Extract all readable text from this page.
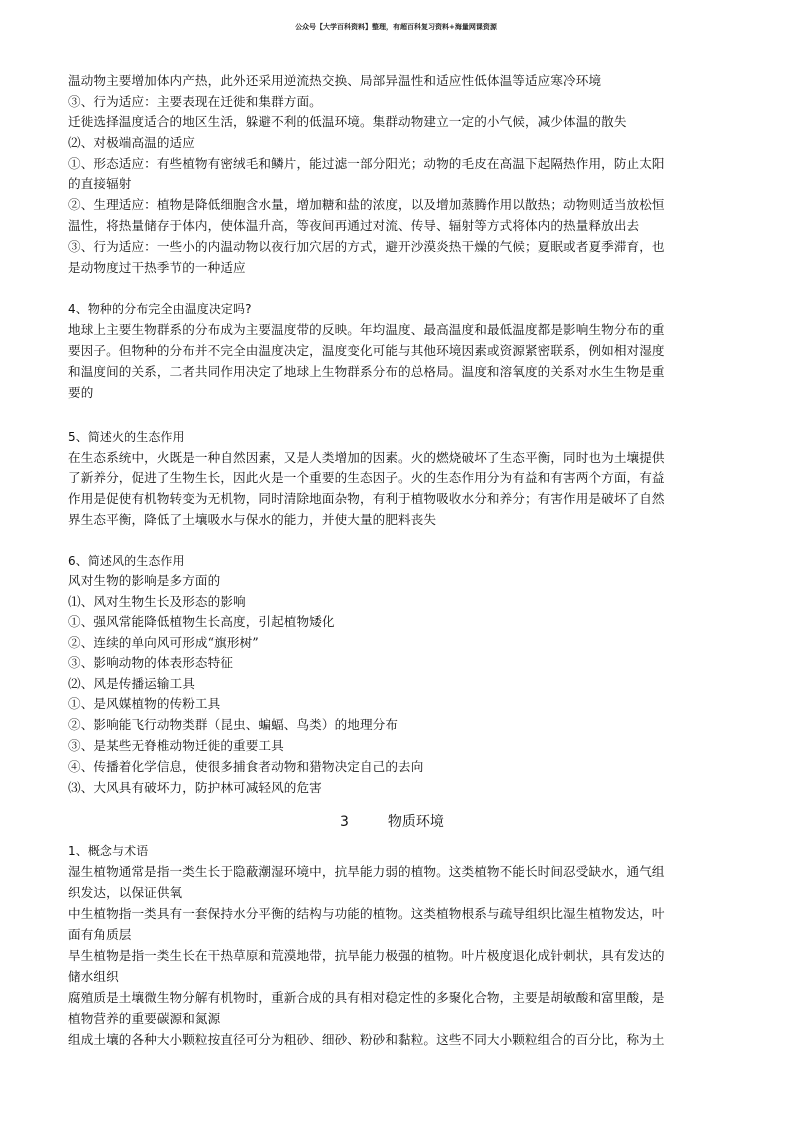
公众号【大学百科资料】整理，有超百科复习资料+海量网课资源
温动物主要增加体内产热，此外还采用逆流热交换、局部异温性和适应性低体温等适应寒冷环境
③、行为适应：主要表现在迁徙和集群方面。
迁徙选择温度适合的地区生活，躲避不利的低温环境。集群动物建立一定的小气候，减少体温的散失
⑵、对极端高温的适应
①、形态适应：有些植物有密绒毛和鳞片，能过滤一部分阳光；动物的毛皮在高温下起隔热作用，防止太阳
的直接辐射
②、生理适应：植物是降低细胞含水量，增加糖和盐的浓度，以及增加蒸腾作用以散热；动物则适当放松恒
温性，将热量储存于体内，使体温升高，等夜间再通过对流、传导、辐射等方式将体内的热量释放出去
③、行为适应：一些小的内温动物以夜行加穴居的方式，避开沙漠炎热干燥的气候；夏眠或者夏季滞育，也
是动物度过干热季节的一种适应
4、物种的分布完全由温度决定吗?
地球上主要生物群系的分布成为主要温度带的反映。年均温度、最高温度和最低温度都是影响生物分布的重
要因子。但物种的分布并不完全由温度决定，温度变化可能与其他环境因素或资源紧密联系，例如相对湿度
和温度间的关系，二者共同作用决定了地球上生物群系分布的总格局。温度和溶氧度的关系对水生生物是重
要的
5、简述火的生态作用
在生态系统中，火既是一种自然因素，又是人类增加的因素。火的燃烧破坏了生态平衡，同时也为土壤提供
了新养分，促进了生物生长，因此火是一个重要的生态因子。火的生态作用分为有益和有害两个方面，有益
作用是促使有机物转变为无机物，同时清除地面杂物，有利于植物吸收水分和养分；有害作用是破坏了自然
界生态平衡，降低了土壤吸水与保水的能力，并使大量的肥料丧失
6、简述风的生态作用
风对生物的影响是多方面的
⑴、风对生物生长及形态的影响
①、强风常能降低植物生长高度，引起植物矮化
②、连续的单向风可形成“旗形树”
③、影响动物的体表形态特征
⑵、风是传播运输工具
①、是风媒植物的传粉工具
②、影响能飞行动物类群（昆虫、蝙蝠、鸟类）的地理分布
③、是某些无脊椎动物迁徙的重要工具
④、传播着化学信息，使很多捕食者动物和猎物决定自己的去向
⑶、大风具有破坏力，防护林可减轻风的危害
1、概念与术语
湿生植物通常是指一类生长于隐蔽潮湿环境中，抗旱能力弱的植物。这类植物不能长时间忍受缺水，通气组
织发达，以保证供氧
中生植物指一类具有一套保持水分平衡的结构与功能的植物。这类植物根系与疏导组织比湿生植物发达，叶
面有角质层
旱生植物是指一类生长在干热草原和荒漠地带，抗旱能力极强的植物。叶片极度退化成针刺状，具有发达的
储水组织
腐殖质是土壤微生物分解有机物时，重新合成的具有相对稳定性的多聚化合物，主要是胡敏酸和富里酸，是
植物营养的重要碳源和氮源
组成土壤的各种大小颗粒按直径可分为粗砂、细砂、粉砂和黏粒。这些不同大小颗粒组合的百分比，称为土
3	物质环境
